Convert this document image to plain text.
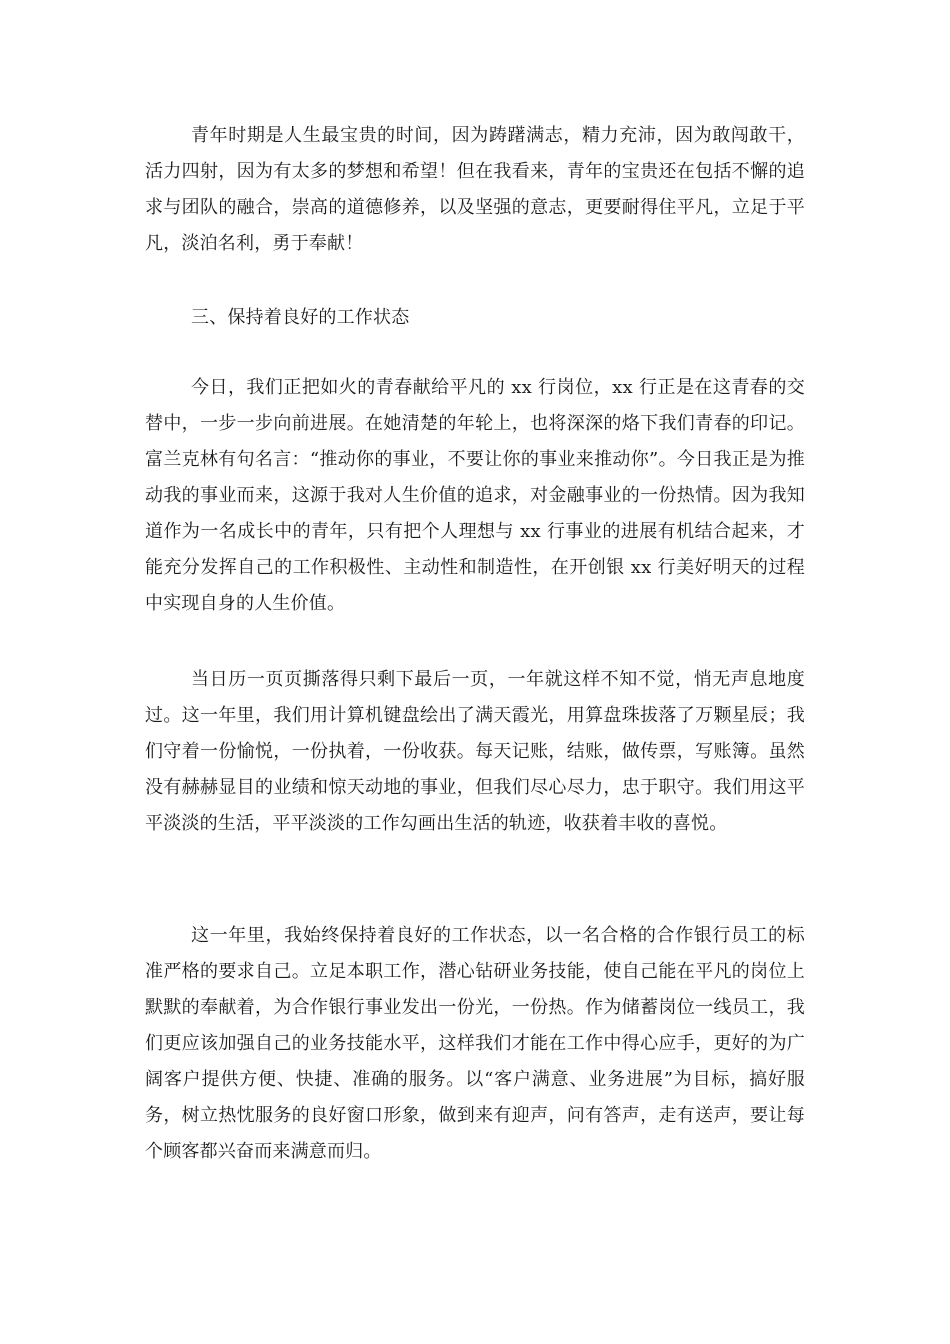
青年时期是人生最宝贵的时间，因为踌躇满志，精力充沛，因为敢闯敢干，活力四射，因为有太多的梦想和希望！但在我看来，青年的宝贵还在包括不懈的追求与团队的融合，崇高的道德修养，以及坚强的意志，更要耐得住平凡，立足于平凡，淡泊名利，勇于奉献！

三、保持着良好的工作状态

今日，我们正把如火的青春献给平凡的 xx 行岗位，xx 行正是在这青春的交替中，一步一步向前进展。在她清楚的年轮上，也将深深的烙下我们青春的印记。富兰克林有句名言：“推动你的事业，不要让你的事业来推动你”。今日我正是为推动我的事业而来，这源于我对人生价值的追求，对金融事业的一份热情。因为我知道作为一名成长中的青年，只有把个人理想与 xx 行事业的进展有机结合起来，才能充分发挥自己的工作积极性、主动性和制造性，在开创银 xx 行美好明天的过程中实现自身的人生价值。

当日历一页页撕落得只剩下最后一页，一年就这样不知不觉，悄无声息地度过。这一年里，我们用计算机键盘绘出了满天霞光，用算盘珠拔落了万颗星辰；我们守着一份愉悦，一份执着，一份收获。每天记账，结账，做传票，写账簿。虽然没有赫赫显目的业绩和惊天动地的事业，但我们尽心尽力，忠于职守。我们用这平平淡淡的生活，平平淡淡的工作勾画出生活的轨迹，收获着丰收的喜悦。

这一年里，我始终保持着良好的工作状态，以一名合格的合作银行员工的标准严格的要求自己。立足本职工作，潜心钻研业务技能，使自己能在平凡的岗位上默默的奉献着，为合作银行事业发出一份光，一份热。作为储蓄岗位一线员工，我们更应该加强自己的业务技能水平，这样我们才能在工作中得心应手，更好的为广阔客户提供方便、快捷、准确的服务。以“客户满意、业务进展”为目标，搞好服务，树立热忱服务的良好窗口形象，做到来有迎声，问有答声，走有送声，要让每个顾客都兴奋而来满意而归。
